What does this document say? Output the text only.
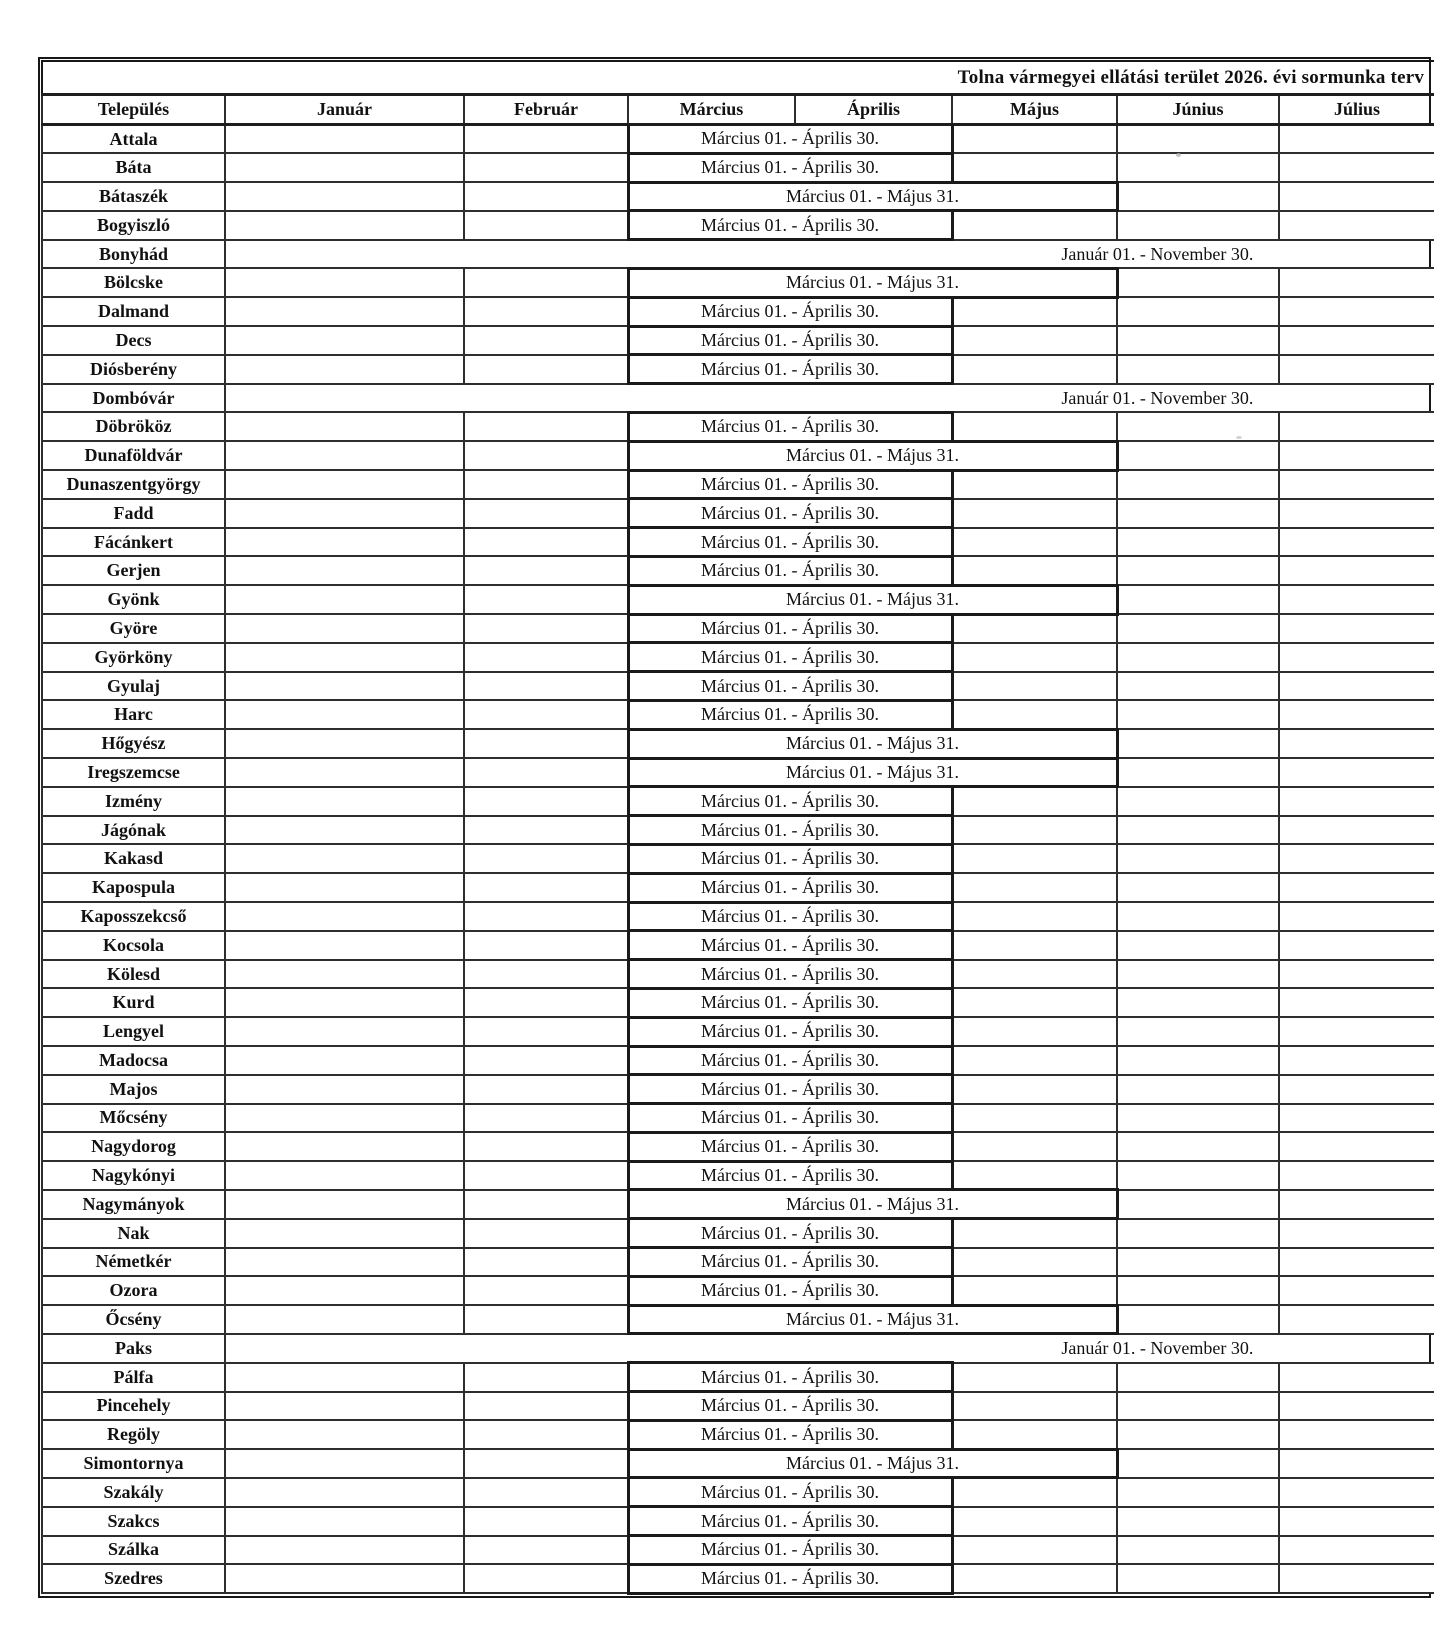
Tolna vármegyei ellátási terület 2026. évi sormunka terv							
Település	Január	Február	Március	Április	Május	Június	Július
Attala			Március 01. - Április 30.				
Báta			Március 01. - Április 30.				
Bátaszék			Március 01. - Május 31.				
Bogyiszló			Március 01. - Április 30.				
Bonyhád	Január 01. - November 30.						
Bölcske			Március 01. - Május 31.				
Dalmand			Március 01. - Április 30.				
Decs			Március 01. - Április 30.				
Diósberény			Március 01. - Április 30.				
Dombóvár	Január 01. - November 30.						
Döbrököz			Március 01. - Április 30.				
Dunaföldvár			Március 01. - Május 31.				
Dunaszentgyörgy			Március 01. - Április 30.				
Fadd			Március 01. - Április 30.				
Fácánkert			Március 01. - Április 30.				
Gerjen			Március 01. - Április 30.				
Gyönk			Március 01. - Május 31.				
Györe			Március 01. - Április 30.				
Györköny			Március 01. - Április 30.				
Gyulaj			Március 01. - Április 30.				
Harc			Március 01. - Április 30.				
Hőgyész			Március 01. - Május 31.				
Iregszemcse			Március 01. - Május 31.				
Izmény			Március 01. - Április 30.				
Jágónak			Március 01. - Április 30.				
Kakasd			Március 01. - Április 30.				
Kapospula			Március 01. - Április 30.				
Kaposszekcső			Március 01. - Április 30.				
Kocsola			Március 01. - Április 30.				
Kölesd			Március 01. - Április 30.				
Kurd			Március 01. - Április 30.				
Lengyel			Március 01. - Április 30.				
Madocsa			Március 01. - Április 30.				
Majos			Március 01. - Április 30.				
Mőcsény			Március 01. - Április 30.				
Nagydorog			Március 01. - Április 30.				
Nagykónyi			Március 01. - Április 30.				
Nagymányok			Március 01. - Május 31.				
Nak			Március 01. - Április 30.				
Németkér			Március 01. - Április 30.				
Ozora			Március 01. - Április 30.				
Őcsény			Március 01. - Május 31.				
Paks	Január 01. - November 30.						
Pálfa			Március 01. - Április 30.				
Pincehely			Március 01. - Április 30.				
Regöly			Március 01. - Április 30.				
Simontornya			Március 01. - Május 31.				
Szakály			Március 01. - Április 30.				
Szakcs			Március 01. - Április 30.				
Szálka			Március 01. - Április 30.				
Szedres			Március 01. - Április 30.				
